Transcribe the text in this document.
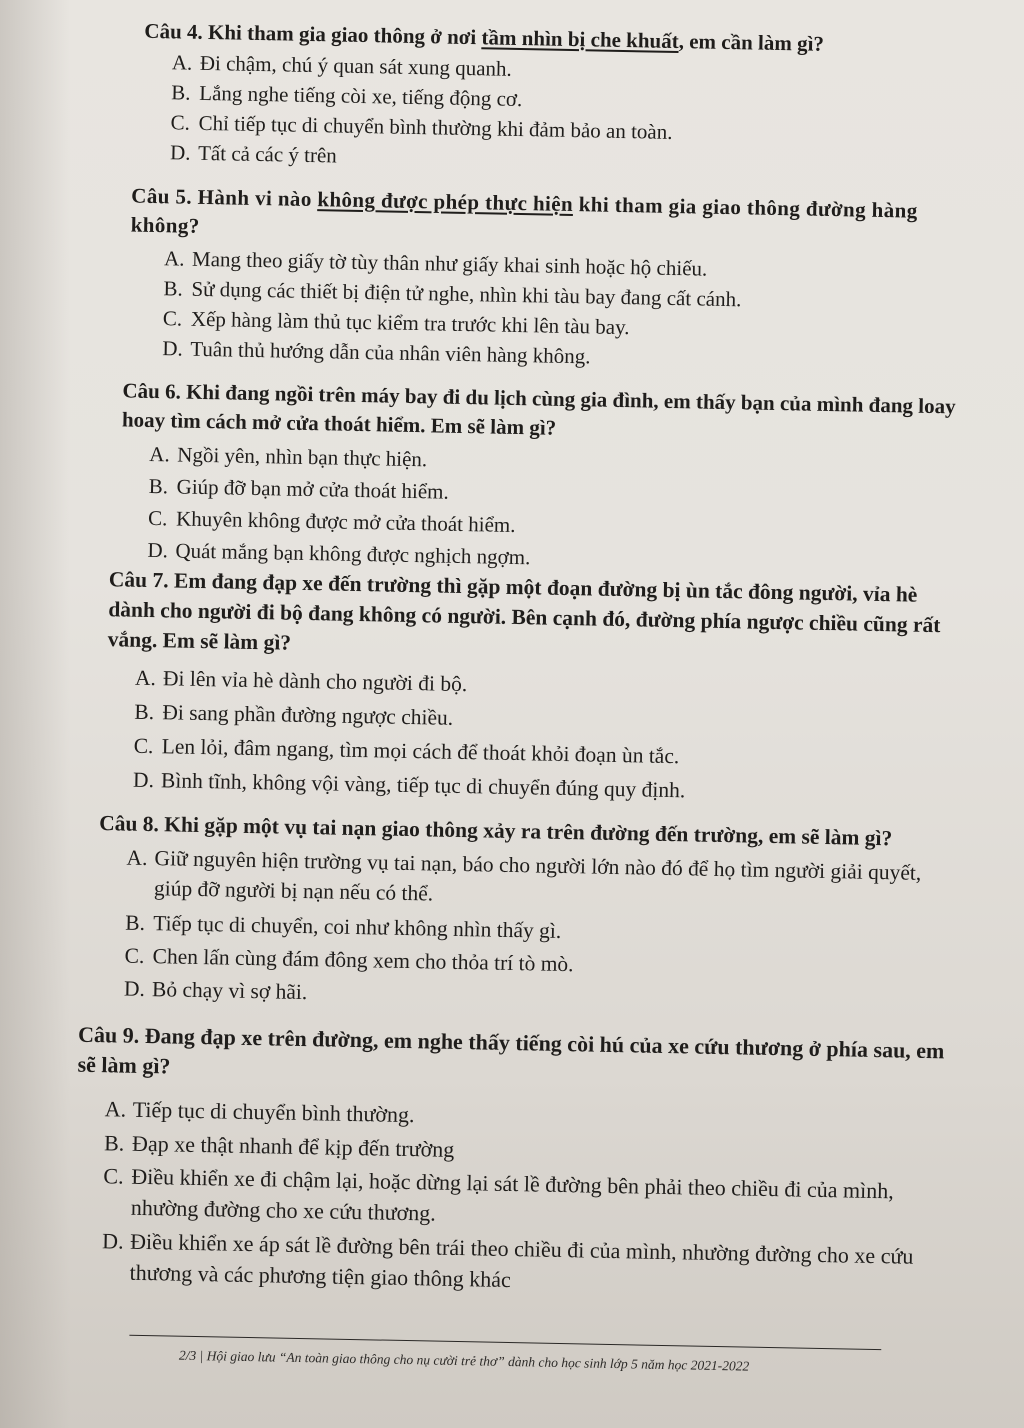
Câu 4. Khi tham gia giao thông ở nơi tầm nhìn bị che khuất, em cần làm gì?

A. Đi chậm, chú ý quan sát xung quanh.

B. Lắng nghe tiếng còi xe, tiếng động cơ.

C. Chỉ tiếp tục di chuyển bình thường khi đảm bảo an toàn.

D. Tất cả các ý trên

Câu 5. Hành vi nào không được phép thực hiện khi tham gia giao thông đường hàng không?

A. Mang theo giấy tờ tùy thân như giấy khai sinh hoặc hộ chiếu.

B. Sử dụng các thiết bị điện tử nghe, nhìn khi tàu bay đang cất cánh.

C. Xếp hàng làm thủ tục kiểm tra trước khi lên tàu bay.

D. Tuân thủ hướng dẫn của nhân viên hàng không.

Câu 6. Khi đang ngồi trên máy bay đi du lịch cùng gia đình, em thấy bạn của mình đang loay hoay tìm cách mở cửa thoát hiểm. Em sẽ làm gì?

A. Ngồi yên, nhìn bạn thực hiện.

B. Giúp đỡ bạn mở cửa thoát hiểm.

C. Khuyên không được mở cửa thoát hiểm.

D. Quát mắng bạn không được nghịch ngợm.

Câu 7. Em đang đạp xe đến trường thì gặp một đoạn đường bị ùn tắc đông người, vỉa hè dành cho người đi bộ đang không có người. Bên cạnh đó, đường phía ngược chiều cũng rất vắng. Em sẽ làm gì?

A. Đi lên vỉa hè dành cho người đi bộ.

B. Đi sang phần đường ngược chiều.

C. Len lỏi, đâm ngang, tìm mọi cách để thoát khỏi đoạn ùn tắc.

D. Bình tĩnh, không vội vàng, tiếp tục di chuyển đúng quy định.

Câu 8. Khi gặp một vụ tai nạn giao thông xảy ra trên đường đến trường, em sẽ làm gì?

A. Giữ nguyên hiện trường vụ tai nạn, báo cho người lớn nào đó để họ tìm người giải quyết, giúp đỡ người bị nạn nếu có thể.

B. Tiếp tục di chuyển, coi như không nhìn thấy gì.

C. Chen lấn cùng đám đông xem cho thỏa trí tò mò.

D. Bỏ chạy vì sợ hãi.

Câu 9. Đang đạp xe trên đường, em nghe thấy tiếng còi hú của xe cứu thương ở phía sau, em sẽ làm gì?

A. Tiếp tục di chuyển bình thường.

B. Đạp xe thật nhanh để kịp đến trường

C. Điều khiển xe đi chậm lại, hoặc dừng lại sát lề đường bên phải theo chiều đi của mình, nhường đường cho xe cứu thương.

D. Điều khiển xe áp sát lề đường bên trái theo chiều đi của mình, nhường đường cho xe cứu thương và các phương tiện giao thông khác

2/3 | Hội giao lưu “An toàn giao thông cho nụ cười trẻ thơ” dành cho học sinh lớp 5 năm học 2021-2022
